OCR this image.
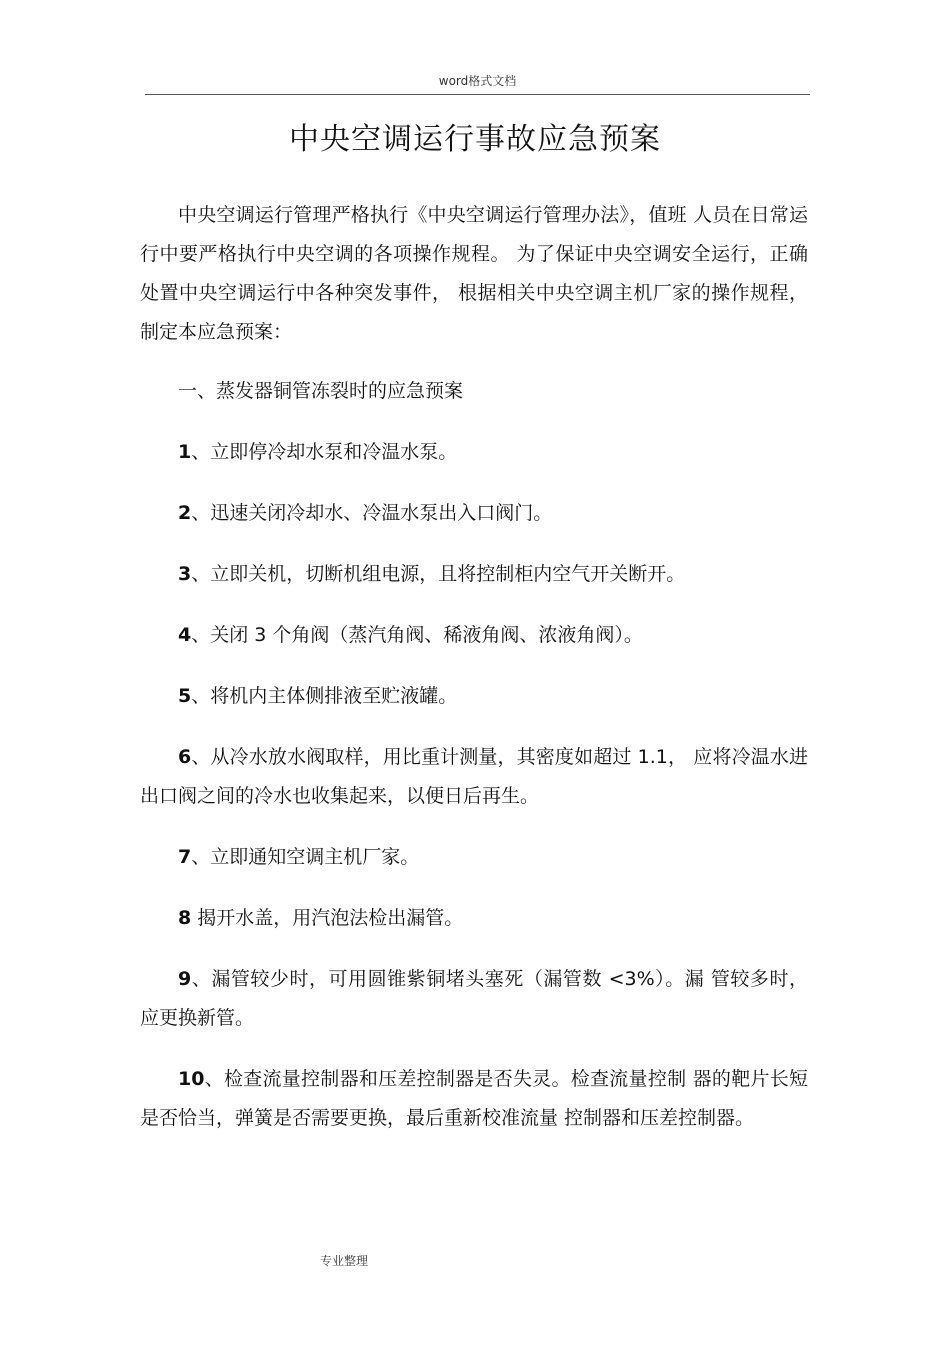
word格式文档
中央空调运行事故应急预案

中央空调运行管理严格执行《中央空调运行管理办法》，值班 人员在日常运行中要严格执行中央空调的各项操作规程。 为了保证中央空调安全运行，正确处置中央空调运行中各种突发事件， 根据相关中央空调主机厂家的操作规程，制定本应急预案：

一、蒸发器铜管冻裂时的应急预案

1、立即停冷却水泵和冷温水泵。

2、迅速关闭冷却水、冷温水泵出入口阀门。

3、立即关机，切断机组电源，且将控制柜内空气开关断开。

4、关闭 3 个角阀（蒸汽角阀、稀液角阀、浓液角阀）。

5、将机内主体侧排液至贮液罐。

6、从冷水放水阀取样，用比重计测量，其密度如超过 1.1， 应将冷温水进出口阀之间的冷水也收集起来，以便日后再生。

7、立即通知空调主机厂家。

8 揭开水盖，用汽泡法检出漏管。

9、漏管较少时，可用圆锥紫铜堵头塞死（漏管数 <3%）。漏 管较多时，应更换新管。

10、检查流量控制器和压差控制器是否失灵。检查流量控制 器的靶片长短是否恰当，弹簧是否需要更换，最后重新校准流量 控制器和压差控制器。

专业整理
